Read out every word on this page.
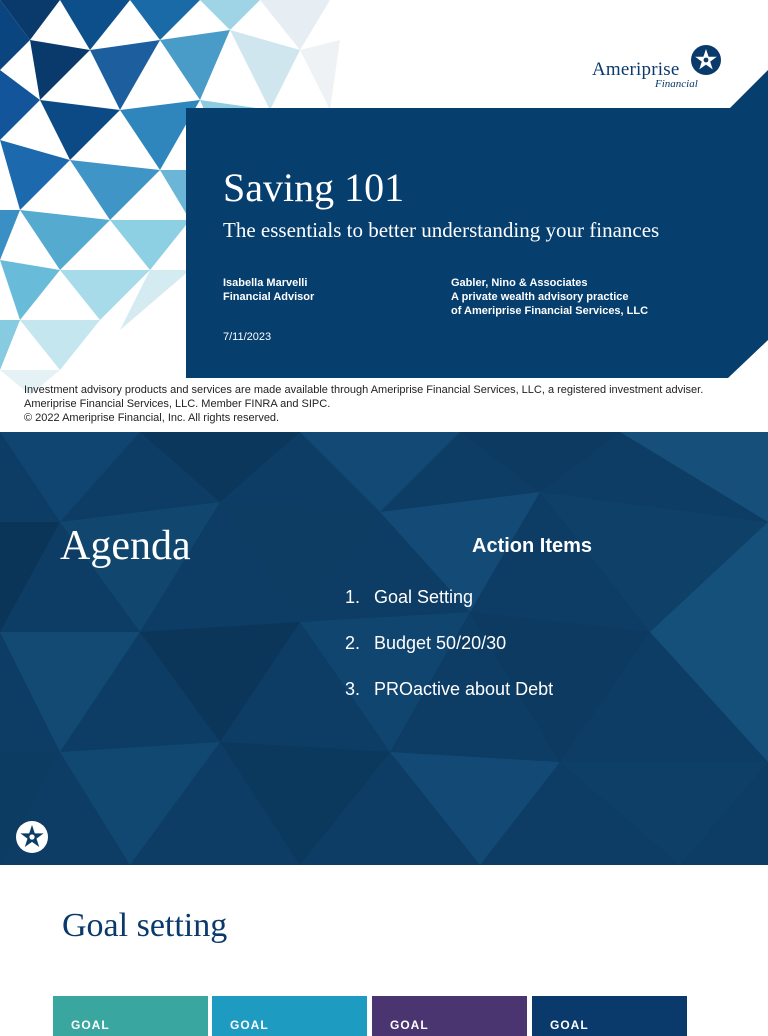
Ameriprise
Financial
Saving 101
The essentials to better understanding your finances
Isabella Marvelli
Financial Advisor
Gabler, Nino & Associates
A private wealth advisory practice
of Ameriprise Financial Services, LLC
7/11/2023
Investment advisory products and services are made available through Ameriprise Financial Services, LLC, a registered investment adviser.
Ameriprise Financial Services, LLC. Member FINRA and SIPC.
© 2022 Ameriprise Financial, Inc. All rights reserved.
Agenda	Action Items
1. Goal Setting
2. Budget 50/20/30
3. PROactive about Debt
Goal setting
GOAL	GOAL	GOAL	GOAL
